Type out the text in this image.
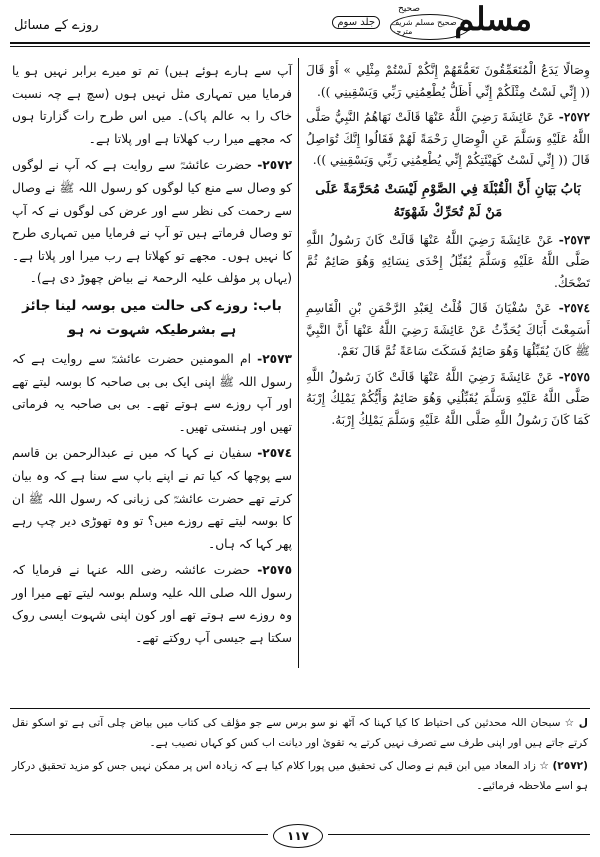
روزے کے مسائل	صحیح مسلم شریف مترجم
جلد سوم
صحیح مسلم

وِصَالًا يَدَعُ الْمُتَعَمِّقُونَ تَعَمُّقَهُمْ إِنَّكُمْ لَسْتُمْ مِثْلِي » أَوْ قَالَ (( إِنِّي لَسْتُ مِثْلَكُمْ إِنِّي أَظَلُّ يُطْعِمُنِي رَبِّي وَيَسْقِينِي )).

٢٥٧٢- عَنْ عَائِشَةَ رَضِيَ اللَّهُ عَنْهَا قَالَتْ نَهَاهُمُ النَّبِيُّ صَلَّى اللَّهُ عَلَيْهِ وَسَلَّمَ عَنِ الْوِصَالِ رَحْمَةً لَهُمْ فَقَالُوا إِنَّكَ تُوَاصِلُ قَالَ (( إِنِّي لَسْتُ كَهَيْئَتِكُمْ إِنِّي يُطْعِمُنِي رَبِّي وَيَسْقِينِي )).

بَابُ بَيَانِ أَنَّ الْقُبْلَةَ فِي الصَّوْمِ لَيْسَتْ مُحَرَّمَةً عَلَى مَنْ لَمْ تُحَرِّكْ شَهْوَتَهُ

٢٥٧٣- عَنْ عَائِشَةَ رَضِيَ اللَّهُ عَنْهَا قَالَتْ كَانَ رَسُولُ اللَّهِ صَلَّى اللَّهُ عَلَيْهِ وَسَلَّمَ يُقَبِّلُ إِحْدَى نِسَائِهِ وَهُوَ صَائِمٌ ثُمَّ تَضْحَكُ.

٢٥٧٤- عَنْ سُفْيَانَ قَالَ قُلْتُ لِعَبْدِ الرَّحْمَنِ بْنِ الْقَاسِمِ أَسَمِعْتَ أَبَاكَ يُحَدِّثُ عَنْ عَائِشَةَ رَضِيَ اللَّهُ عَنْهَا أَنَّ النَّبِيَّ ﷺ كَانَ يُقَبِّلُهَا وَهُوَ صَائِمٌ فَسَكَتَ سَاعَةً ثُمَّ قَالَ نَعَمْ.

٢٥٧٥- عَنْ عَائِشَةَ رَضِيَ اللَّهُ عَنْهَا قَالَتْ كَانَ رَسُولُ اللَّهِ صَلَّى اللَّهُ عَلَيْهِ وَسَلَّمَ يُقَبِّلُنِي وَهُوَ صَائِمٌ وَأَيُّكُمْ يَمْلِكُ إِرْبَهُ كَمَا كَانَ رَسُولُ اللَّهِ صَلَّى اللَّهُ عَلَيْهِ وَسَلَّمَ يَمْلِكُ إِرْبَهُ.

آپ سے ہارے ہوئے ہیں) تم تو میرے برابر نہیں ہو یا فرمایا میں تمہاری مثل نہیں ہوں (سچ ہے چہ نسبت خاک را بہ عالم پاک)۔ میں اس طرح رات گزارتا ہوں کہ مجھے میرا رب کھلاتا ہے اور پلاتا ہے۔

٢٥٧٢- حضرت عائشہؓ سے روایت ہے کہ آپ نے لوگوں کو وصال سے منع کیا لوگوں کو رسول اللہ ﷺ نے وصال سے رحمت کی نظر سے اور عرض کی لوگوں نے کہ آپ تو وصال فرماتے ہیں تو آپ نے فرمایا میں تمہاری طرح کا نہیں ہوں۔ مجھے تو کھلاتا ہے رب میرا اور پلاتا ہے۔ (یہاں پر مؤلف علیہ الرحمۃ نے بیاض چھوڑ دی ہے)۔

باب: روزے کی حالت میں بوسہ لینا جائز ہے بشرطیکہ شہوت نہ ہو

٢٥٧٣- ام المومنین حضرت عائشہؓ سے روایت ہے کہ رسول اللہ ﷺ اپنی ایک بی بی صاحبہ کا بوسہ لیتے تھے اور آپ روزے سے ہوتے تھے۔ بی بی صاحبہ یہ فرماتی تھیں اور ہنستی تھیں۔

٢٥٧٤- سفیان نے کہا کہ میں نے عبدالرحمن بن قاسم سے پوچھا کہ کیا تم نے اپنے باپ سے سنا ہے کہ وہ بیان کرتے تھے حضرت عائشہؓ کی زبانی کہ رسول اللہ ﷺ ان کا بوسہ لیتے تھے روزے میں؟ تو وہ تھوڑی دیر چپ رہے پھر کہا کہ ہاں۔

٢٥٧٥- حضرت عائشہ رضی اللہ عنہا نے فرمایا کہ رسول اللہ صلی اللہ علیہ وسلم بوسہ لیتے تھے میرا اور وہ روزے سے ہوتے تھے اور کون اپنی شہوت ایسی روک سکتا ہے جیسی آپ روکتے تھے۔

ل ☆ سبحان اللہ محدثین کی احتیاط کا کیا کہنا کہ آٹھ نو سو برس سے جو مؤلف کی کتاب میں بیاض چلی آتی ہے تو اسکو نقل کرتے جاتے ہیں اور اپنی طرف سے تصرف نہیں کرتے یہ تقویٰ اور دیانت اب کس کو کہاں نصیب ہے۔

(٢٥٧٢) ☆ زاد المعاد میں ابن قیم نے وصال کی تحقیق میں پورا کلام کیا ہے کہ زیادہ اس پر ممکن نہیں جس کو مزید تحقیق درکار ہو اسے ملاحظہ فرمائیے۔

١١٧
